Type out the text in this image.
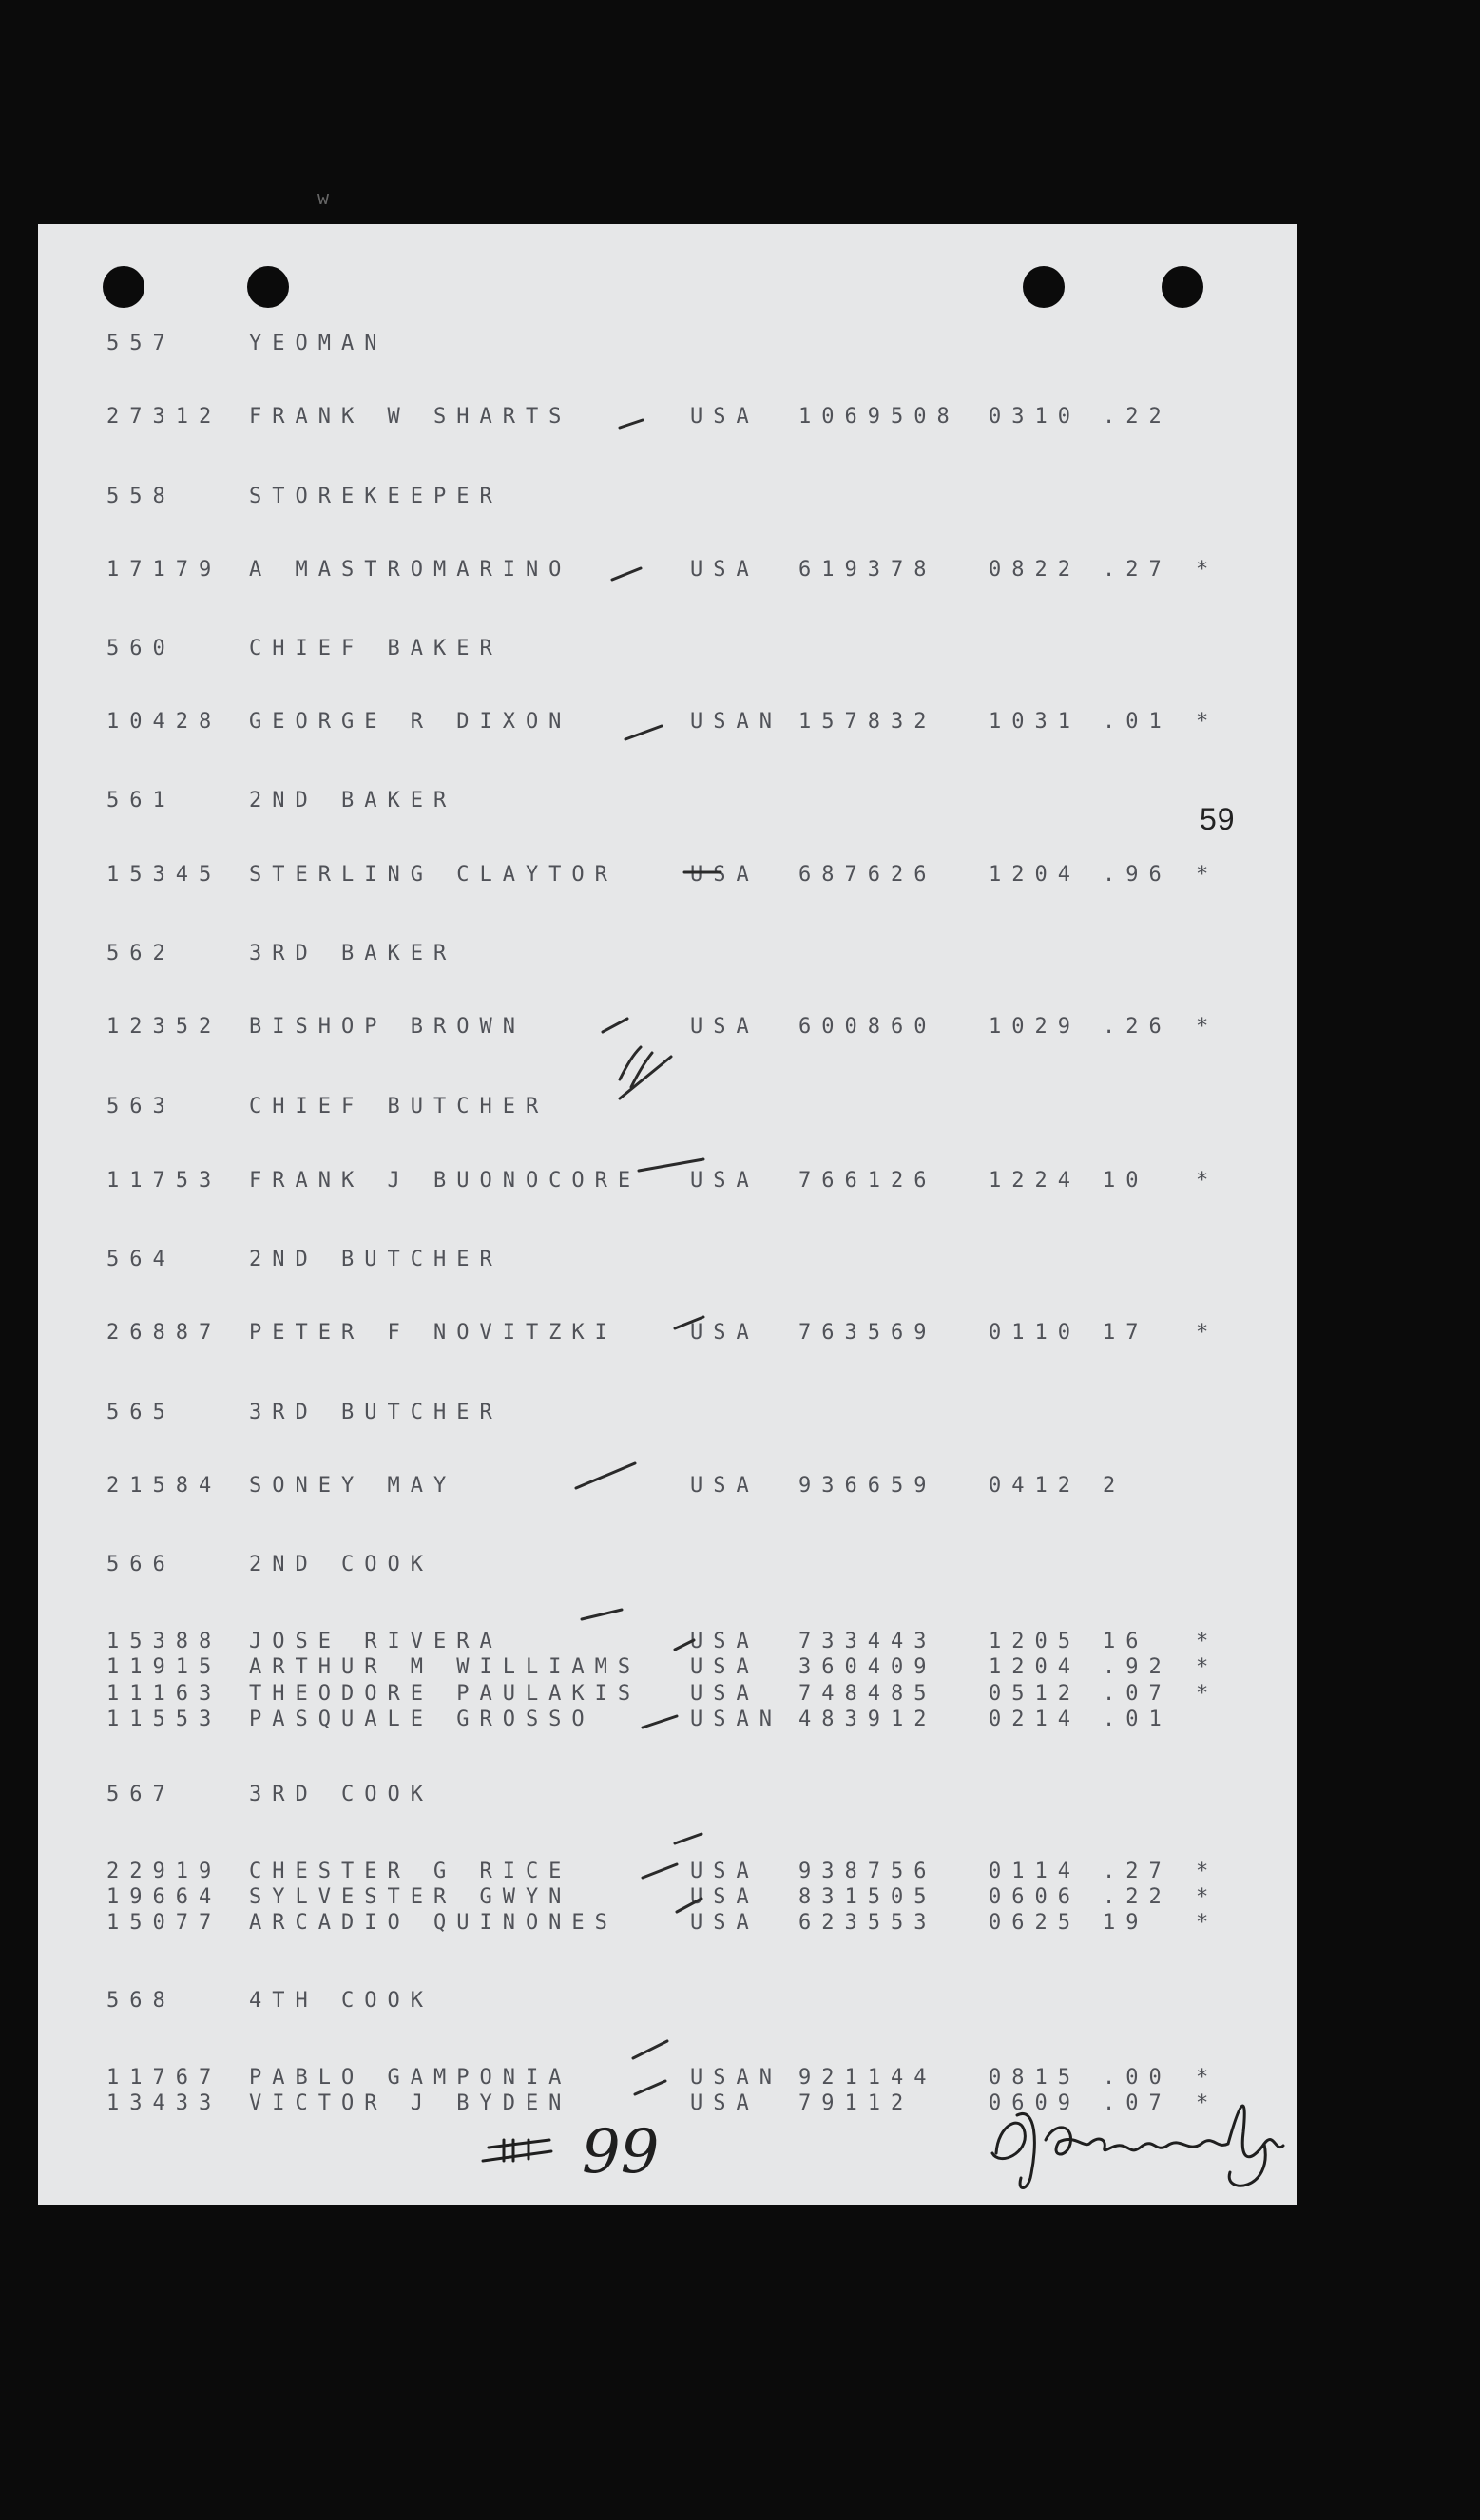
w
59
557	YEOMAN
27312 FRANK W SHARTS	USA 1069508 0310 .22
558	STOREKEEPER
17179 A MASTROMARINO	USA 619378 0822 .27 *
560	CHIEF BAKER
10428 GEORGE R DIXON	USAN 157832 1031 .01 *
561	2ND BAKER
15345 STERLING CLAYTOR	USA 687626 1204 .96 *
562	3RD BAKER
12352 BISHOP BROWN	USA 600860 1029 .26 *
563	CHIEF BUTCHER
11753 FRANK J BUONOCORE USA 766126 1224 10 *
564	2ND BUTCHER
26887 PETER F NOVITZKI	USA 763569 0110 17 *
565	3RD BUTCHER
21584 SONEY MAY	USA 936659 0412 2
566	2ND COOK
15388 JOSE RIVERA	USA 733443 1205 16 *
11915 ARTHUR M WILLIAMS USA 360409 1204 .92 *
11163 THEODORE PAULAKIS USA 748485 0512 .07 *
11553 PASQUALE GROSSO	USAN 483912 0214 .01
567	3RD COOK
22919 CHESTER G RICE	USA 938756 0114 .27 *
19664 SYLVESTER GWYN	USA 831505 0606 .22 *
15077 ARCADIO QUINONES	USA 623553 0625 19 *
568	4TH COOK
11767 PABLO GAMPONIA	USAN 921144 0815 .00 *
13433 VICTOR J BYDEN	USA 79112	0609 .07 *
99
